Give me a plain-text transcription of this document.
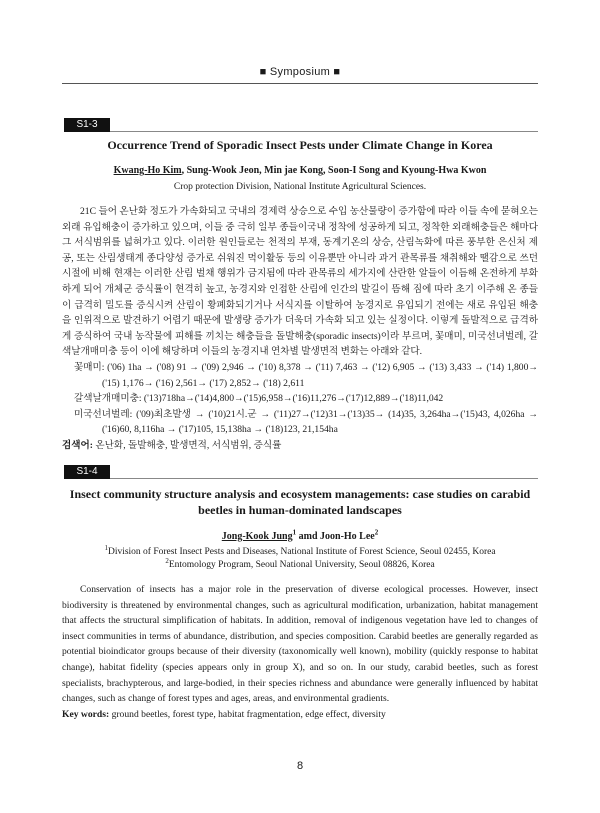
■ Symposium ■
S1-3
Occurrence Trend of Sporadic Insect Pests under Climate Change in Korea
Kwang-Ho Kim, Sung-Wook Jeon, Min jae Kong, Soon-I Song and Kyoung-Hwa Kwon
Crop protection Division, National Institute Agricultural Sciences.

21C 들어 온난화 정도가 가속화되고 국내의 경제력 상승으로 수입 농산물량이 증가함에 따라 이들 속에 묻혀오는 외래 유입해충이 증가하고 있으며, 이들 중 극히 일부 종들이국내 정착에 성공하게 되고, 정착한 외래해충들은 해마다 그 서식범위를 넓혀가고 있다. 이러한 원인들로는 천적의 부재, 동계기온의 상승, 산림녹화에 따른 풍부한 은신처 제공, 또는 산림생태계 종다양성 증가로 쉬워진 먹이활동 등의 이유뿐만 아니라 과거 관목류를 채취해와 땔감으로 쓰던 시절에 비해 현재는 이러한 산림 벌채 행위가 금지됨에 따라 관목류의 세가지에 산란한 알들이 이듬해 온전하게 부화하게 되어 개체군 증식률이 현격히 높고, 농경지와 인접한 산림에 인간의 발길이 뜸해 짐에 따라 초기 이주해 온 종들이 급격히 밀도를 증식시켜 산림이 황폐화되기거나 서식지를 이탈하여 농경지로 유입되기 전에는 새로 유입된 해충을 인위적으로 발견하기 어렵기 때문에 발생량 증가가 더욱더 가속화 되고 있는 실정이다. 이렇게 돌발적으로 급격하게 증식하여 국내 농작물에 피해를 끼치는 해충들을 돌발해충(sporadic insects)이라 부르며, 꽃매미, 미국선녀벌레, 갈색날개매미충 등이 이에 해당하며 이들의 농경지내 연차별 발생면적 변화는 아래와 같다.

꽃매미: ('06) 1ha → ('08) 91 → ('09) 2,946 → ('10) 8,378 → ('11) 7,463 → ('12) 6,905 → ('13) 3,433 → ('14) 1,800→ ('15) 1,176→ ('16) 2,561→ ('17) 2,852→ ('18) 2,611

갈색날개매미충: ('13)718ha→('14)4,800→('15)6,958→('16)11,276→('17)12,889→('18)11,042

미국선녀벌레: ('09)최초발생 → ('10)21시.군 → ('11)27→('12)31→('13)35→ (14)35, 3,264ha→('15)43, 4,026ha → ('16)60, 8,116ha → ('17)105, 15,138ha → ('18)123, 21,154ha

검색어: 온난화, 돌발해충, 발생면적, 서식범위, 증식률

S1-4
Insect community structure analysis and ecosystem managements: case studies on carabid
beetles in human-dominated landscapes
Jong-Kook Jung$^1$ amd Joon-Ho Lee$^2$
$^1$Division of Forest Insect Pests and Diseases, National Institute of Forest Science, Seoul 02455, Korea
$^2$Entomology Program, Seoul National University, Seoul 08826, Korea

Conservation of insects has a major role in the preservation of diverse ecological processes. However, insect biodiversity is threatened by environmental changes, such as agricultural modification, urbanization, habitat management that affects the structural simplification of habitats. In addition, removal of indigenous vegetation have led to changes of insect communities in terms of abundance, distribution, and species composition. Carabid beetles are generally regarded as potential bioindicator groups because of their diversity (taxonomically well known), mobility (quickly response to habitat change), habitat fidelity (species appears only in group X), and so on. In our study, carabid beetles, such as forest specialists, brachypterous, and large-bodied, in their species richness and abundance were generally influenced by habitat changes, such as change of forest types and ages, areas, and environmental gradients.

Key words: ground beetles, forest type, habitat fragmentation, edge effect, diversity

8
